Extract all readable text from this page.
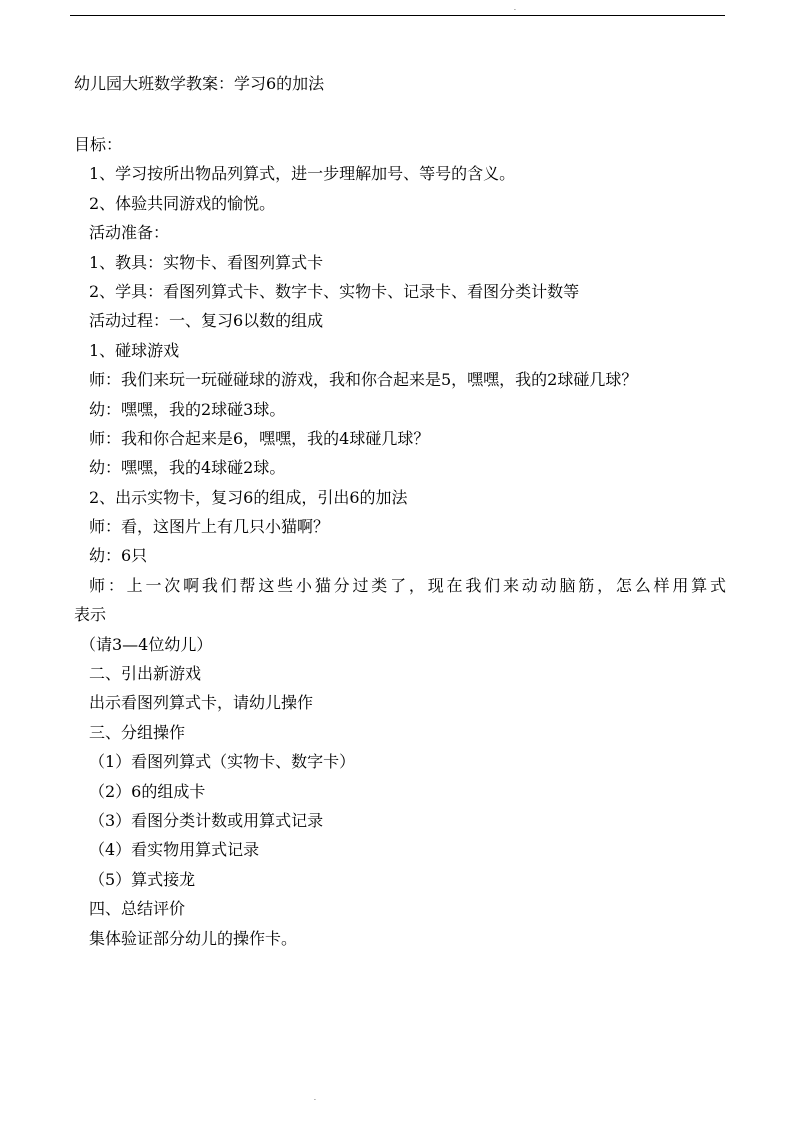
.
幼儿园大班数学教案：学习6的加法
目标：
1、学习按所出物品列算式，进一步理解加号、等号的含义。
2、体验共同游戏的愉悦。
活动准备：
1、教具：实物卡、看图列算式卡
2、学具：看图列算式卡、数字卡、实物卡、记录卡、看图分类计数等
活动过程：一、复习6以数的组成
1、碰球游戏
师：我们来玩一玩碰碰球的游戏，我和你合起来是5，嘿嘿，我的2球碰几球？
幼：嘿嘿，我的2球碰3球。
师：我和你合起来是6，嘿嘿，我的4球碰几球？
幼：嘿嘿，我的4球碰2球。
2、出示实物卡，复习6的组成，引出6的加法
师：看，这图片上有几只小猫啊？
幼：6只
师：上一次啊我们帮这些小猫分过类了，现在我们来动动脑筋，怎么样用算式
表示
（请3—4位幼儿）
二、引出新游戏
出示看图列算式卡，请幼儿操作
三、分组操作
（1）看图列算式（实物卡、数字卡）
（2）6的组成卡
（3）看图分类计数或用算式记录
（4）看实物用算式记录
（5）算式接龙
四、总结评价
集体验证部分幼儿的操作卡。
.
